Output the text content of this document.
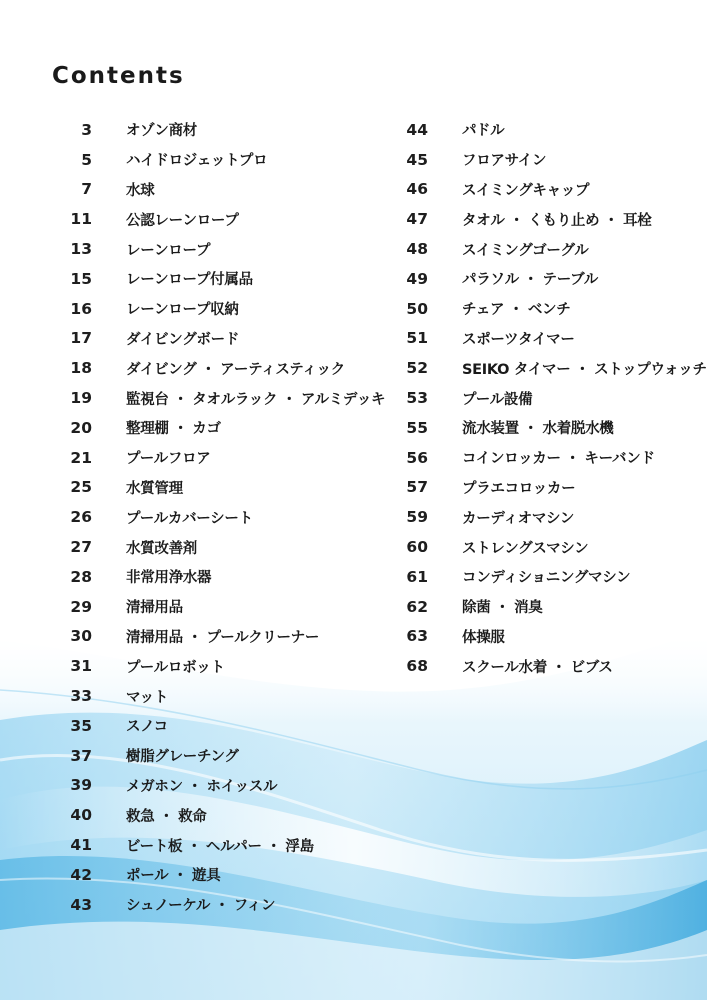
Contents
3 オゾン商材
5 ハイドロジェットプロ
7 水球
11 公認レーンロープ
13 レーンロープ
15 レーンロープ付属品
16 レーンロープ収納
17 ダイビングボード
18 ダイビング ・ アーティスティック
19 監視台 ・ タオルラック ・ アルミデッキ
20 整理棚 ・ カゴ
21 プールフロア
25 水質管理
26 プールカバーシート
27 水質改善剤
28 非常用浄水器
29 清掃用品
30 清掃用品 ・ プールクリーナー
31 プールロボット
33 マット
35 スノコ
37 樹脂グレーチング
39 メガホン ・ ホイッスル
40 救急 ・ 救命
41 ビート板 ・ ヘルパー ・ 浮島
42 ポール ・ 遊具
43 シュノーケル ・ フィン
44 パドル
45 フロアサイン
46 スイミングキャップ
47 タオル ・ くもり止め ・ 耳栓
48 スイミングゴーグル
49 パラソル ・ テーブル
50 チェア ・ ベンチ
51 スポーツタイマー
52 SEIKO タイマー ・ ストップウォッチ
53 プール設備
55 流水装置 ・ 水着脱水機
56 コインロッカー ・ キーバンド
57 プラエコロッカー
59 カーディオマシン
60 ストレングスマシン
61 コンディショニングマシン
62 除菌 ・ 消臭
63 体操服
68 スクール水着 ・ ビブス
